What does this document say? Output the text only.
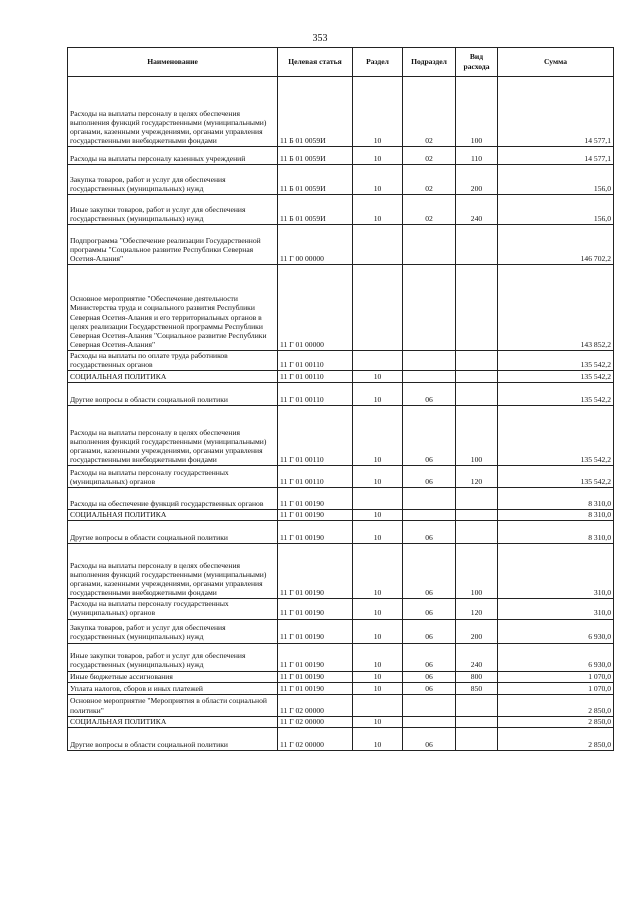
353
Наименование	Целевая статья	Раздел	Подраздел	Вид расхода	Сумма
Расходы на выплаты персоналу в целях обеспечения выполнения функций государственными (муниципальными) органами, казенными учреждениями, органами управления государственными внебюджетными фондами	11 Б 01 0059И	10	02	100	14 577,1
Расходы на выплаты персоналу казенных учреждений	11 Б 01 0059И	10	02	110	14 577,1
Закупка товаров, работ и услуг для обеспечения государственных (муниципальных) нужд	11 Б 01 0059И	10	02	200	156,0
Иные закупки товаров, работ и услуг для обеспечения государственных (муниципальных) нужд	11 Б 01 0059И	10	02	240	156,0
Подпрограмма "Обеспечение реализации Государственной программы "Социальное развитие Республики Северная Осетия-Алания"	11 Г 00 00000				146 702,2
Основное мероприятие "Обеспечение деятельности Министерства труда и социального развития Республики Северная Осетия-Алания и его территориальных органов в целях реализации Государственной программы Республики Северная Осетия-Алания "Социальное развитие Республики Северная Осетия-Алания"	11 Г 01 00000				143 852,2
Расходы на выплаты по оплате труда работников государственных органов	11 Г 01 00110				135 542,2
СОЦИАЛЬНАЯ ПОЛИТИКА	11 Г 01 00110	10			135 542,2
Другие вопросы в области социальной политики	11 Г 01 00110	10	06		135 542,2
Расходы на выплаты персоналу в целях обеспечения выполнения функций государственными (муниципальными) органами, казенными учреждениями, органами управления государственными внебюджетными фондами	11 Г 01 00110	10	06	100	135 542,2
Расходы на выплаты персоналу государственных (муниципальных) органов	11 Г 01 00110	10	06	120	135 542,2
Расходы на обеспечение функций государственных органов	11 Г 01 00190				8 310,0
СОЦИАЛЬНАЯ ПОЛИТИКА	11 Г 01 00190	10			8 310,0
Другие вопросы в области социальной политики	11 Г 01 00190	10	06		8 310,0
Расходы на выплаты персоналу в целях обеспечения выполнения функций государственными (муниципальными) органами, казенными учреждениями, органами управления государственными внебюджетными фондами	11 Г 01 00190	10	06	100	310,0
Расходы на выплаты персоналу государственных (муниципальных) органов	11 Г 01 00190	10	06	120	310,0
Закупка товаров, работ и услуг для обеспечения государственных (муниципальных) нужд	11 Г 01 00190	10	06	200	6 930,0
Иные закупки товаров, работ и услуг для обеспечения государственных (муниципальных) нужд	11 Г 01 00190	10	06	240	6 930,0
Иные бюджетные ассигнования	11 Г 01 00190	10	06	800	1 070,0
Уплата налогов, сборов и иных платежей	11 Г 01 00190	10	06	850	1 070,0
Основное мероприятие "Мероприятия в области социальной политики"	11 Г 02 00000				2 850,0
СОЦИАЛЬНАЯ ПОЛИТИКА	11 Г 02 00000	10			2 850,0
Другие вопросы в области социальной политики	11 Г 02 00000	10	06		2 850,0
